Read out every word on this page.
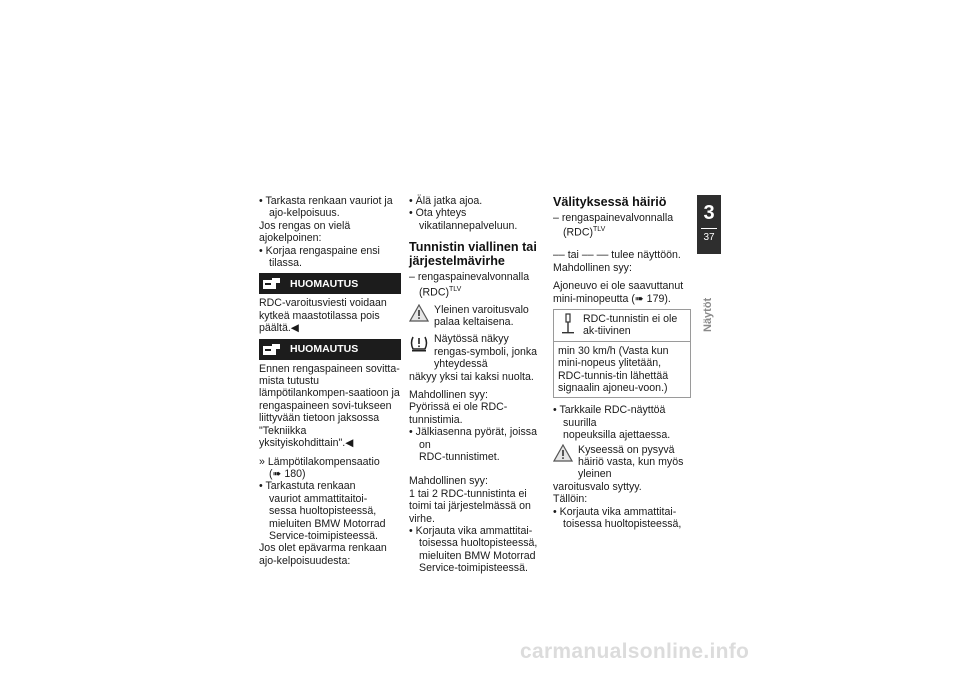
• Tarkasta renkaan vauriot ja ajo-kelpoisuus.

Jos rengas on vielä ajokelpoinen:

• Korjaa rengaspaine ensi tilassa.

HUOMAUTUS

RDC-varoitusviesti voidaan kytkeä maastotilassa pois päältä.◀

HUOMAUTUS

Ennen rengaspaineen sovitta-mista tutustu lämpötilankompen-saatioon ja rengaspaineen sovi-tukseen liittyvään tietoon jaksossa "Tekniikka yksityiskohdittain".◀

» Lämpötilakompensaatio

(➠ 180)

• Tarkastuta renkaan

vauriot ammattitaitoi-

sessa huoltopisteessä,

mieluiten BMW Motorrad

Service-toimipisteessä.

Jos olet epävarma renkaan ajo-kelpoisuudesta:

• Älä jatka ajoa.

• Ota yhteys vikatilannepalveluun.

Tunnistin viallinen tai järjestelmävirhe

– rengaspainevalvonnalla

(RDC)$^{TLV}$

Yleinen varoitusvalo palaa keltaisena.

Näytössä näkyy rengas-symboli, jonka yhteydessä

näkyy yksi tai kaksi nuolta.

Mahdollinen syy:

Pyörissä ei ole RDC-tunnistimia.

• Jälkiasenna pyörät, joissa on

RDC-tunnistimet.

Mahdollinen syy:

1 tai 2 RDC-tunnistinta ei toimi tai järjestelmässä on virhe.

• Korjauta vika ammattitai-

toisessa huoltopisteessä,

mieluiten BMW Motorrad

Service-toimipisteessä.

Välityksessä häiriö

– rengaspainevalvonnalla

(RDC)$^{TLV}$

–– tai –– –– tulee näyttöön.

Mahdollinen syy:

Ajoneuvo ei ole saavuttanut mini-minopeutta (➠ 179).

RDC-tunnistin ei ole ak-tiivinen

min 30 km/h (Vasta kun mini-nopeus ylitetään, RDC-tunnis-tin lähettää signaalin ajoneu-voon.)

• Tarkkaile RDC-näyttöä suurilla

nopeuksilla ajettaessa.

Kyseessä on pysyvä häiriö vasta, kun myös yleinen

varoitusvalo syttyy.

Tällöin:

• Korjauta vika ammattitai-

toisessa huoltopisteessä,

3
37
Näytöt
carmanualsonline.info
